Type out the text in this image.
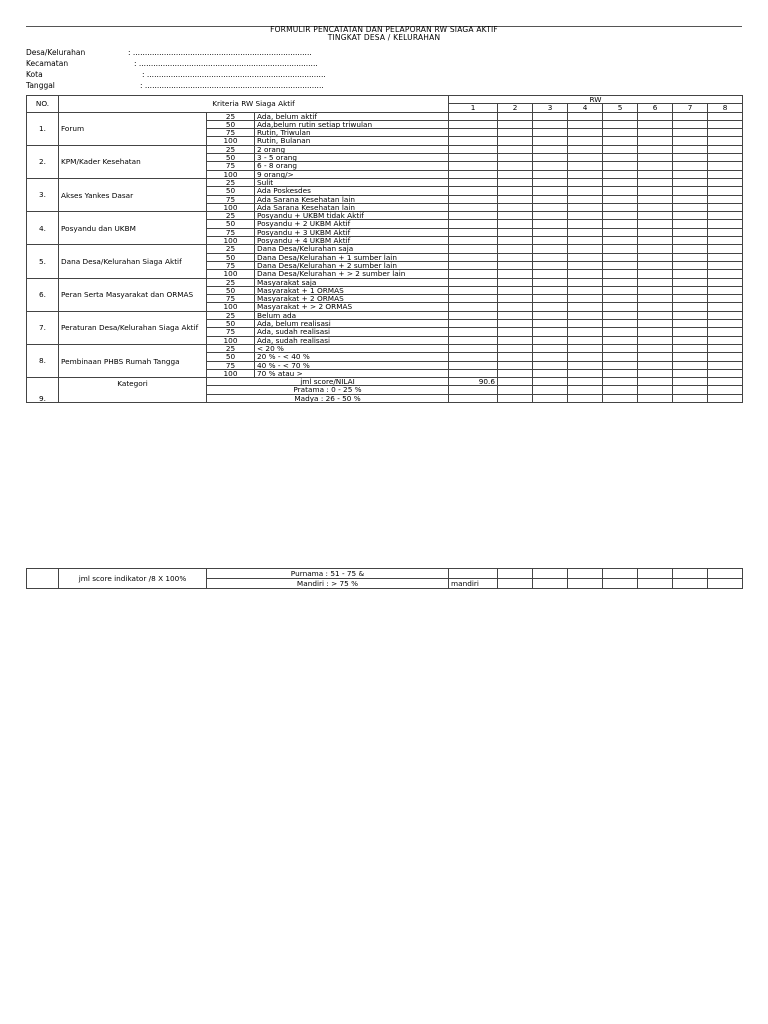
FORMULIR PENCATATAN DAN PELAPORAN RW SIAGA AKTIF
TINGKAT DESA / KELURAHAN
Desa/Kelurahan	: ...........................................................................
Kecamatan	: ...........................................................................
Kota	: ...........................................................................
Tanggal	: ...........................................................................
NO.	Kriteria RW Siaga Aktif			RW							
				1	2	3	4	5	6	7	8
1.	Forum	25	Ada, belum aktif								
		50	Ada,belum rutin setiap triwulan								
		75	Rutin, Triwulan								
		100	Rutin, Bulanan								
2.	KPM/Kader Kesehatan	25	2 orang								
		50	3 - 5 orang								
		75	6 - 8 orang								
		100	9 orang/>								
3.	Akses Yankes Dasar	25	Sulit								
		50	Ada Poskesdes								
		75	Ada Sarana Kesehatan lain								
		100	Ada Sarana Kesehatan lain								
4.	Posyandu dan UKBM	25	Posyandu + UKBM tidak Aktif								
		50	Posyandu + 2 UKBM Aktif								
		75	Posyandu + 3 UKBM Aktif								
		100	Posyandu + 4 UKBM Aktif								
5.	Dana Desa/Kelurahan Siaga Aktif	25	Dana Desa/Kelurahan saja								
		50	Dana Desa/Kelurahan + 1 sumber lain								
		75	Dana Desa/Kelurahan + 2 sumber lain								
		100	Dana Desa/Kelurahan + > 2 sumber lain								
6.	Peran Serta Masyarakat dan ORMAS	25	Masyarakat saja								
		50	Masyarakat + 1 ORMAS								
		75	Masyarakat + 2 ORMAS								
		100	Masyarakat + > 2 ORMAS								
7.	Peraturan Desa/Kelurahan Siaga Aktif	25	Belum ada								
		50	Ada, belum realisasi								
		75	Ada, sudah realisasi								
		100	Ada, sudah realisasi								
8.	Pembinaan PHBS Rumah Tangga	25	< 20 %								
		50	20 % - < 40 %								
		75	40 % - < 70 %								
		100	70 % atau >								
9.	Kategori	jml score/NILAI		90.6							
		Pratama : 0 - 25 %									
		Madya : 26 - 50 %									
	jml score indikator /8 X 100%	Purnama : 51 - 75 &								
		Mandiri : > 75 %	mandiri							
